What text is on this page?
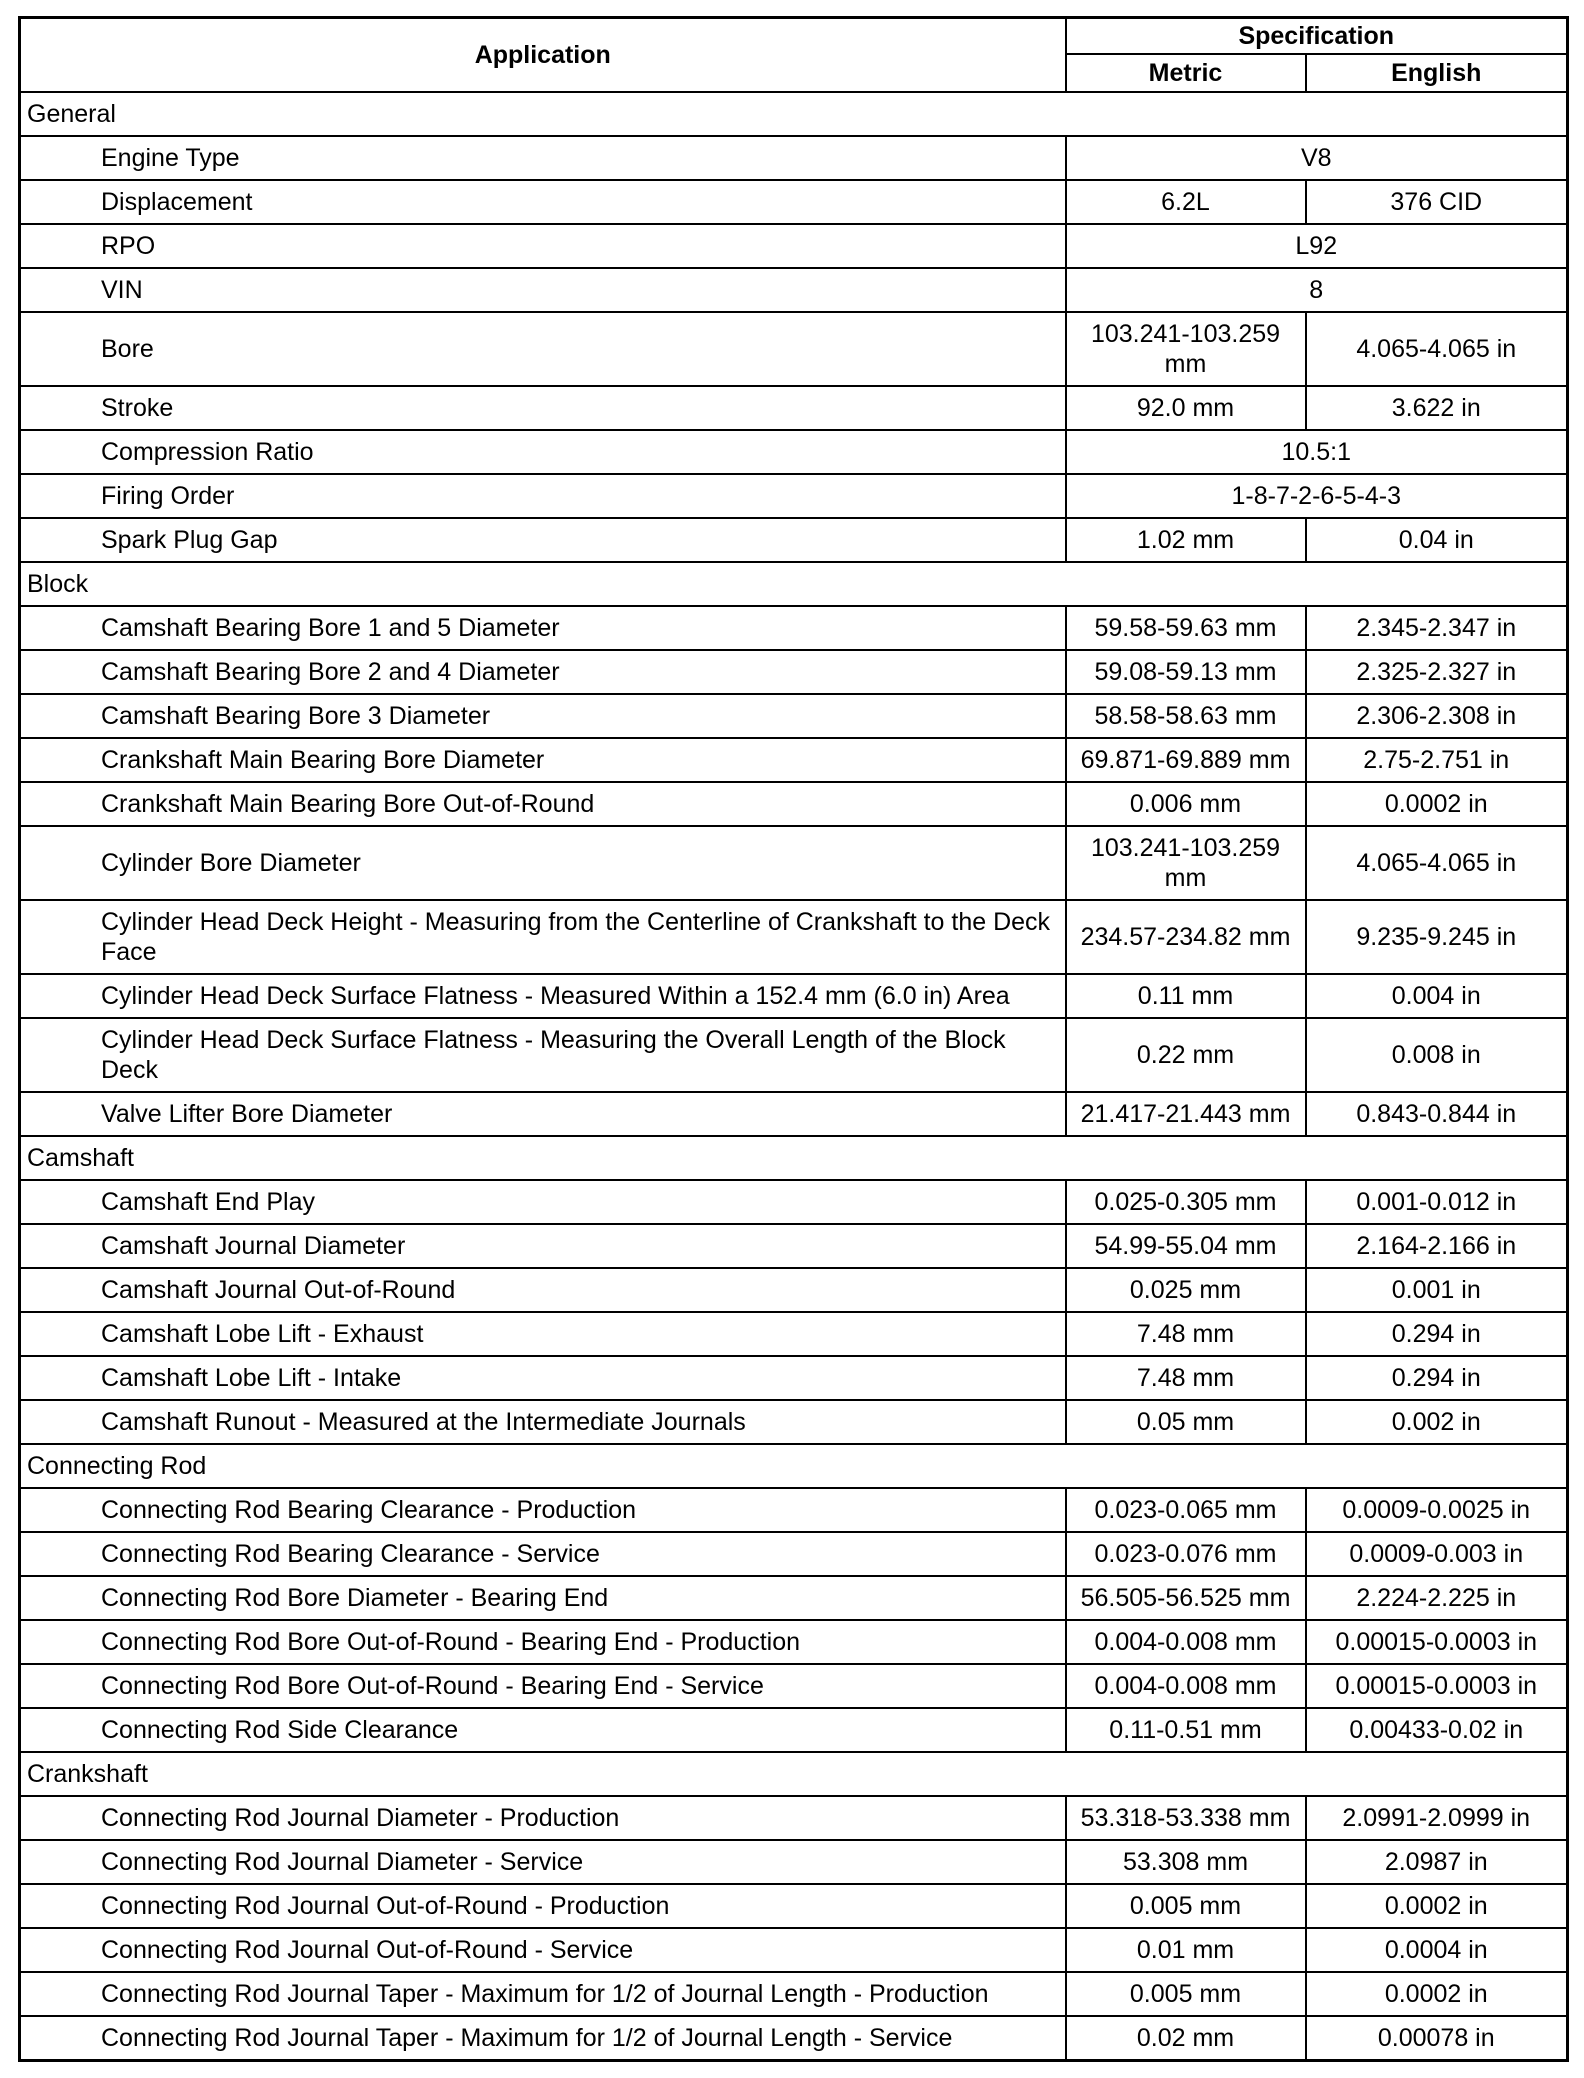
Application	Specification	
	Metric	English
General		
Engine Type	V8	
Displacement	6.2L	376 CID
RPO	L92	
VIN	8	
Bore	103.241-103.259 mm	4.065-4.065 in
Stroke	92.0 mm	3.622 in
Compression Ratio	10.5:1	
Firing Order	1-8-7-2-6-5-4-3	
Spark Plug Gap	1.02 mm	0.04 in
Block		
Camshaft Bearing Bore 1 and 5 Diameter	59.58-59.63 mm	2.345-2.347 in
Camshaft Bearing Bore 2 and 4 Diameter	59.08-59.13 mm	2.325-2.327 in
Camshaft Bearing Bore 3 Diameter	58.58-58.63 mm	2.306-2.308 in
Crankshaft Main Bearing Bore Diameter	69.871-69.889 mm	2.75-2.751 in
Crankshaft Main Bearing Bore Out-of-Round	0.006 mm	0.0002 in
Cylinder Bore Diameter	103.241-103.259 mm	4.065-4.065 in
Cylinder Head Deck Height - Measuring from the Centerline of Crankshaft to the Deck Face	234.57-234.82 mm	9.235-9.245 in
Cylinder Head Deck Surface Flatness - Measured Within a 152.4 mm (6.0 in) Area	0.11 mm	0.004 in
Cylinder Head Deck Surface Flatness - Measuring the Overall Length of the Block Deck	0.22 mm	0.008 in
Valve Lifter Bore Diameter	21.417-21.443 mm	0.843-0.844 in
Camshaft		
Camshaft End Play	0.025-0.305 mm	0.001-0.012 in
Camshaft Journal Diameter	54.99-55.04 mm	2.164-2.166 in
Camshaft Journal Out-of-Round	0.025 mm	0.001 in
Camshaft Lobe Lift - Exhaust	7.48 mm	0.294 in
Camshaft Lobe Lift - Intake	7.48 mm	0.294 in
Camshaft Runout - Measured at the Intermediate Journals	0.05 mm	0.002 in
Connecting Rod		
Connecting Rod Bearing Clearance - Production	0.023-0.065 mm	0.0009-0.0025 in
Connecting Rod Bearing Clearance - Service	0.023-0.076 mm	0.0009-0.003 in
Connecting Rod Bore Diameter - Bearing End	56.505-56.525 mm	2.224-2.225 in
Connecting Rod Bore Out-of-Round - Bearing End - Production	0.004-0.008 mm	0.00015-0.0003 in
Connecting Rod Bore Out-of-Round - Bearing End - Service	0.004-0.008 mm	0.00015-0.0003 in
Connecting Rod Side Clearance	0.11-0.51 mm	0.00433-0.02 in
Crankshaft		
Connecting Rod Journal Diameter - Production	53.318-53.338 mm	2.0991-2.0999 in
Connecting Rod Journal Diameter - Service	53.308 mm	2.0987 in
Connecting Rod Journal Out-of-Round - Production	0.005 mm	0.0002 in
Connecting Rod Journal Out-of-Round - Service	0.01 mm	0.0004 in
Connecting Rod Journal Taper - Maximum for 1/2 of Journal Length - Production	0.005 mm	0.0002 in
Connecting Rod Journal Taper - Maximum for 1/2 of Journal Length - Service	0.02 mm	0.00078 in
